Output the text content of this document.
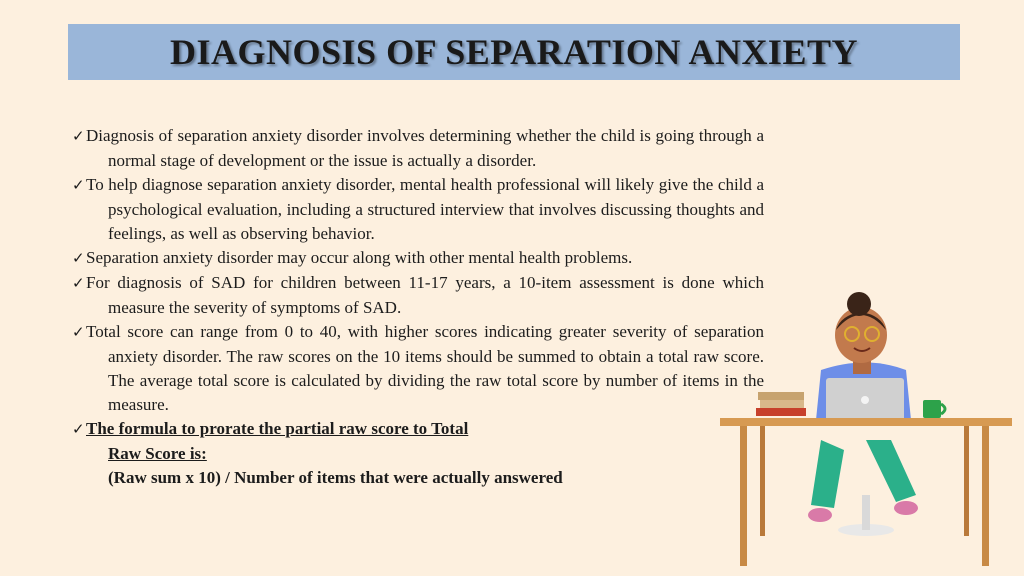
DIAGNOSIS OF SEPARATION ANXIETY
✓Diagnosis of separation anxiety disorder involves determining whether the child is going through a normal stage of development or the issue is actually a disorder.
✓To help diagnose separation anxiety disorder, mental health professional will likely give the child a psychological evaluation, including a structured interview that involves discussing thoughts and feelings, as well as observing behavior.
✓Separation anxiety disorder may occur along with other mental health problems.
✓For diagnosis of SAD for children between 11-17 years, a 10-item assessment is done which measure the severity of symptoms of SAD.
✓Total score can range from 0 to 40, with higher scores indicating greater severity of separation anxiety disorder. The raw scores on the 10 items should be summed to obtain a total raw score. The average total score is calculated by dividing the raw total score by number of items in the measure.
✓The formula to prorate the partial raw score to Total
Raw Score is:
(Raw sum x 10) / Number of items that were actually answered
